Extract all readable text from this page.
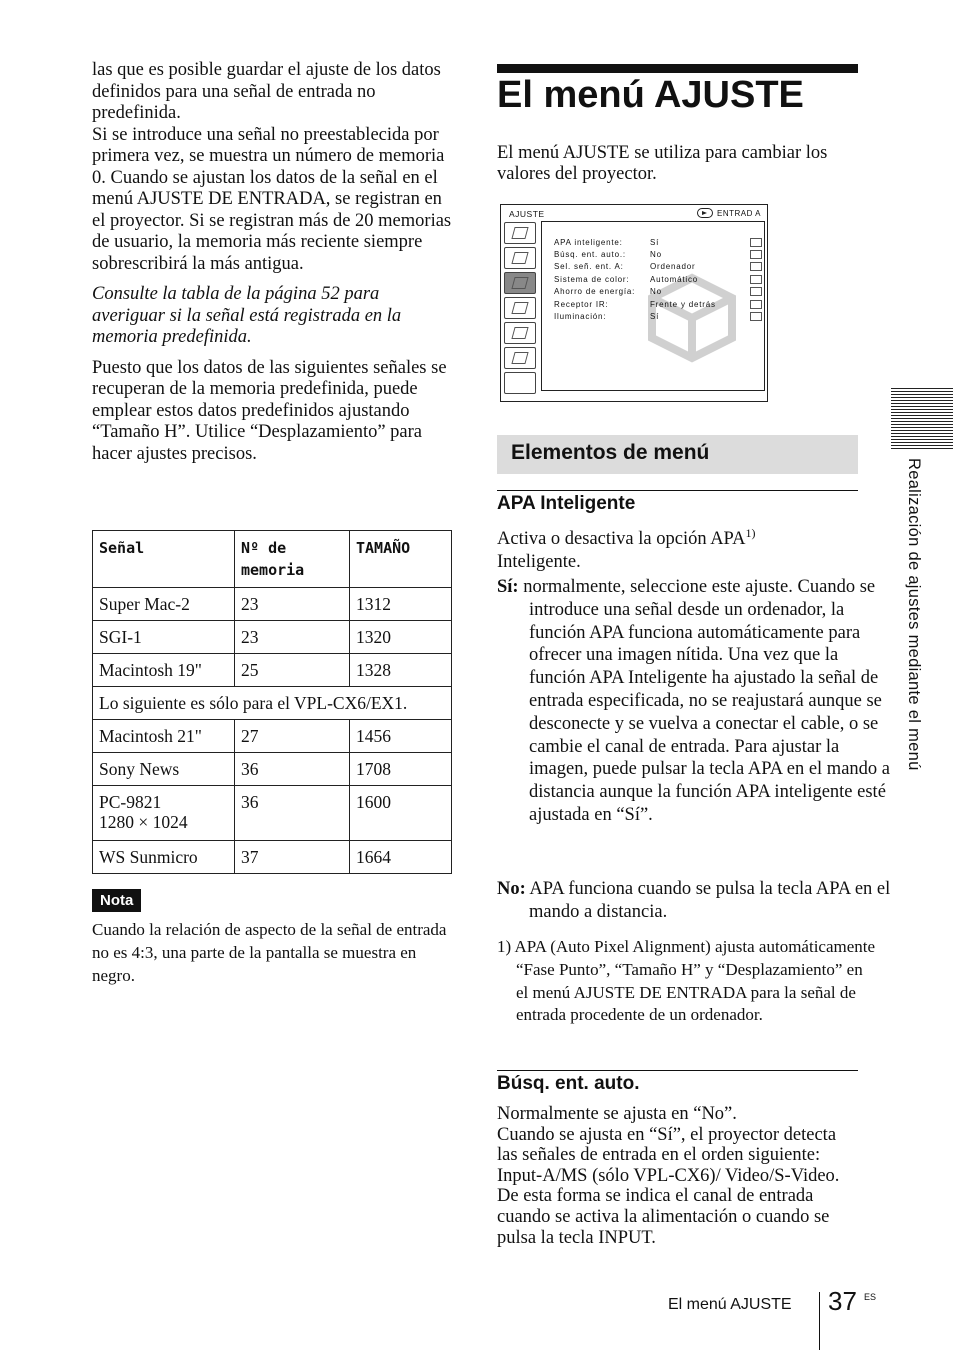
las que es posible guardar el ajuste de los datos definidos para una señal de entrada no predefinida.

Si se introduce una señal no preestablecida por primera vez, se muestra un número de memoria 0. Cuando se ajustan los datos de la señal en el menú AJUSTE DE ENTRADA, se registran en el proyector. Si se registran más de 20 memorias de usuario, la memoria más reciente siempre sobrescribirá la más antigua.

Consulte la tabla de la página 52 para averiguar si la señal está registrada en la memoria predefinida.

Puesto que los datos de las siguientes señales se recuperan de la memoria predefinida, puede emplear estos datos predefinidos ajustando “Tamaño H”. Utilice “Desplazamiento” para hacer ajustes precisos.

Señal	Nº de memoria	TAMAÑO
Super Mac-2	23	1312
SGI-1	23	1320
Macintosh 19"	25	1328
Lo siguiente es sólo para el VPL-CX6/EX1.		
Macintosh 21"	27	1456
Sony News	36	1708
PC-9821
1280 × 1024	36	1600
WS Sunmicro	37	1664
Nota
Cuando la relación de aspecto de la señal de entrada no es 4:3, una parte de la pantalla se muestra en negro.
El menú AJUSTE

El menú AJUSTE se utiliza para cambiar los valores del proyector.

AJUSTE	ENTRAD A
APA inteligente:	Sí
Búsq. ent. auto.:	No
Sel. señ. ent. A:	Ordenador
Sistema de color:	Automático
Ahorro de energía: No
Receptor IR:	Frente y detrás
Iluminación:	Sí
Elementos de menú
APA Inteligente

Activa o desactiva la opción APA$^{1)}$
Inteligente.

Sí: normalmente, seleccione este ajuste. Cuando se introduce una señal desde un ordenador, la función APA funciona automáticamente para ofrecer una imagen nítida. Una vez que la función APA Inteligente ha ajustado la señal de entrada especificada, no se reajustará aunque se desconecte y se vuelva a conectar el cable, o se cambie el canal de entrada. Para ajustar la imagen, puede pulsar la tecla APA en el mando a distancia aunque la función APA inteligente esté ajustada en “Sí”.

No: APA funciona cuando se pulsa la tecla APA en el mando a distancia.

1) APA (Auto Pixel Alignment) ajusta automáticamente “Fase Punto”, “Tamaño H” y “Desplazamiento” en el menú AJUSTE DE ENTRADA para la señal de entrada procedente de un ordenador.

Búsq. ent. auto.

Normalmente se ajusta en “No”.
Cuando se ajusta en “Sí”, el proyector detecta las señales de entrada en el orden siguiente: Input-A/MS (sólo VPL-CX6)/ Video/S-Video. De esta forma se indica el canal de entrada cuando se activa la alimentación o cuando se pulsa la tecla INPUT.

Realización de ajustes mediante el menú
El menú AJUSTE 37 ES
